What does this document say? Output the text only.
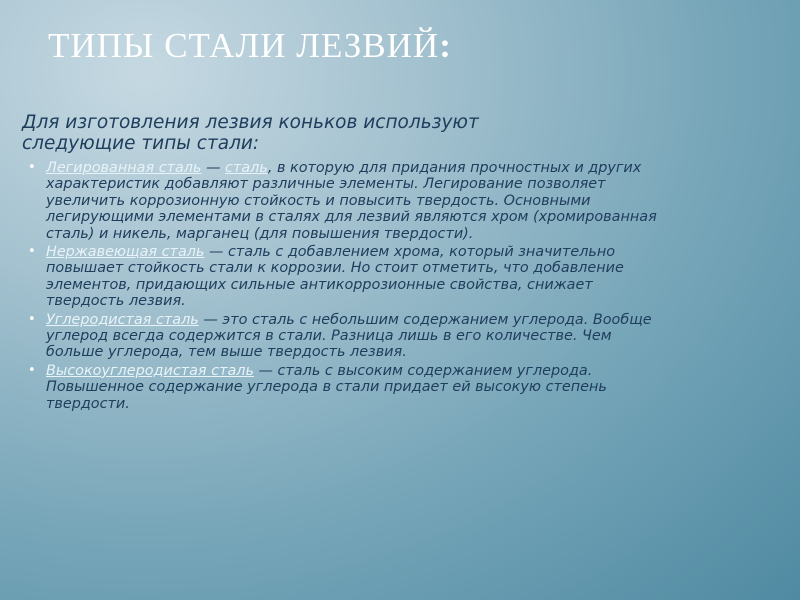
ТИПЫ СТАЛИ ЛЕЗВИЙ:

Для изготовления лезвия коньков используют следующие типы стали:

• Легированная сталь — сталь, в которую для придания прочностных и других характеристик добавляют различные элементы. Легирование позволяет увеличить коррозионную стойкость и повысить твердость. Основными легирующими элементами в сталях для лезвий являются хром (хромированная сталь) и никель, марганец (для повышения твердости).
• Нержавеющая сталь — сталь с добавлением хрома, который значительно повышает стойкость стали к коррозии. Но стоит отметить, что добавление элементов, придающих сильные антикоррозионные свойства, снижает твердость лезвия.
• Углеродистая сталь — это сталь с небольшим содержанием углерода. Вообще углерод всегда содержится в стали. Разница лишь в его количестве. Чем больше углерода, тем выше твердость лезвия.
• Высокоуглеродистая сталь — сталь с высоким содержанием углерода. Повышенное содержание углерода в стали придает ей высокую степень твердости.
